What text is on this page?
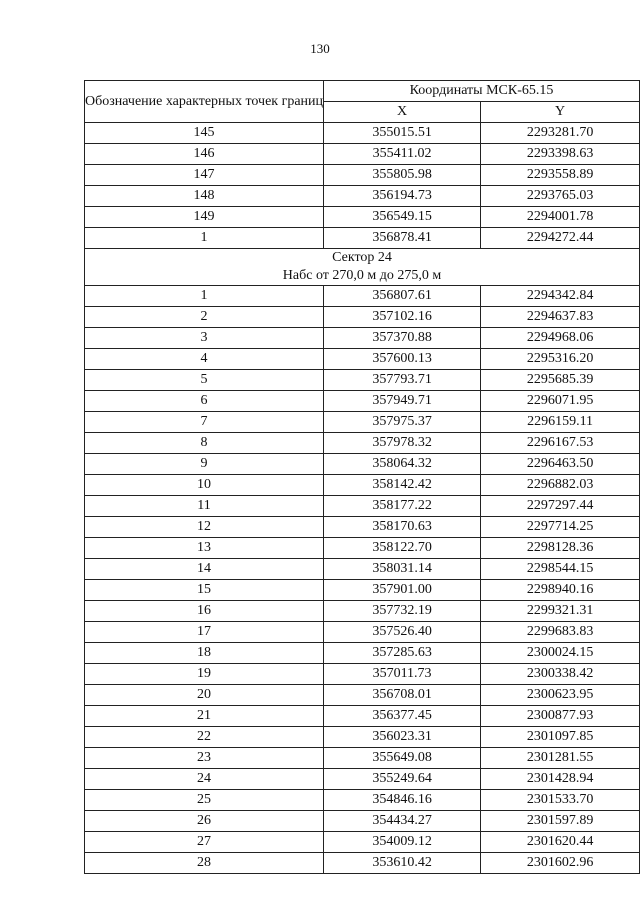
130
Обозначение характерных точек границ	Координаты МСК-65.15	
	X	Y
145	355015.51	2293281.70
146	355411.02	2293398.63
147	355805.98	2293558.89
148	356194.73	2293765.03
149	356549.15	2294001.78
1	356878.41	2294272.44

Сектор 24
Набс от 270,0 м до 275,0 м		

1	356807.61	2294342.84
2	357102.16	2294637.83
3	357370.88	2294968.06
4	357600.13	2295316.20
5	357793.71	2295685.39
6	357949.71	2296071.95
7	357975.37	2296159.11
8	357978.32	2296167.53
9	358064.32	2296463.50
10	358142.42	2296882.03
11	358177.22	2297297.44
12	358170.63	2297714.25
13	358122.70	2298128.36
14	358031.14	2298544.15
15	357901.00	2298940.16
16	357732.19	2299321.31
17	357526.40	2299683.83
18	357285.63	2300024.15
19	357011.73	2300338.42
20	356708.01	2300623.95
21	356377.45	2300877.93
22	356023.31	2301097.85
23	355649.08	2301281.55
24	355249.64	2301428.94
25	354846.16	2301533.70
26	354434.27	2301597.89
27	354009.12	2301620.44
28	353610.42	2301602.96
